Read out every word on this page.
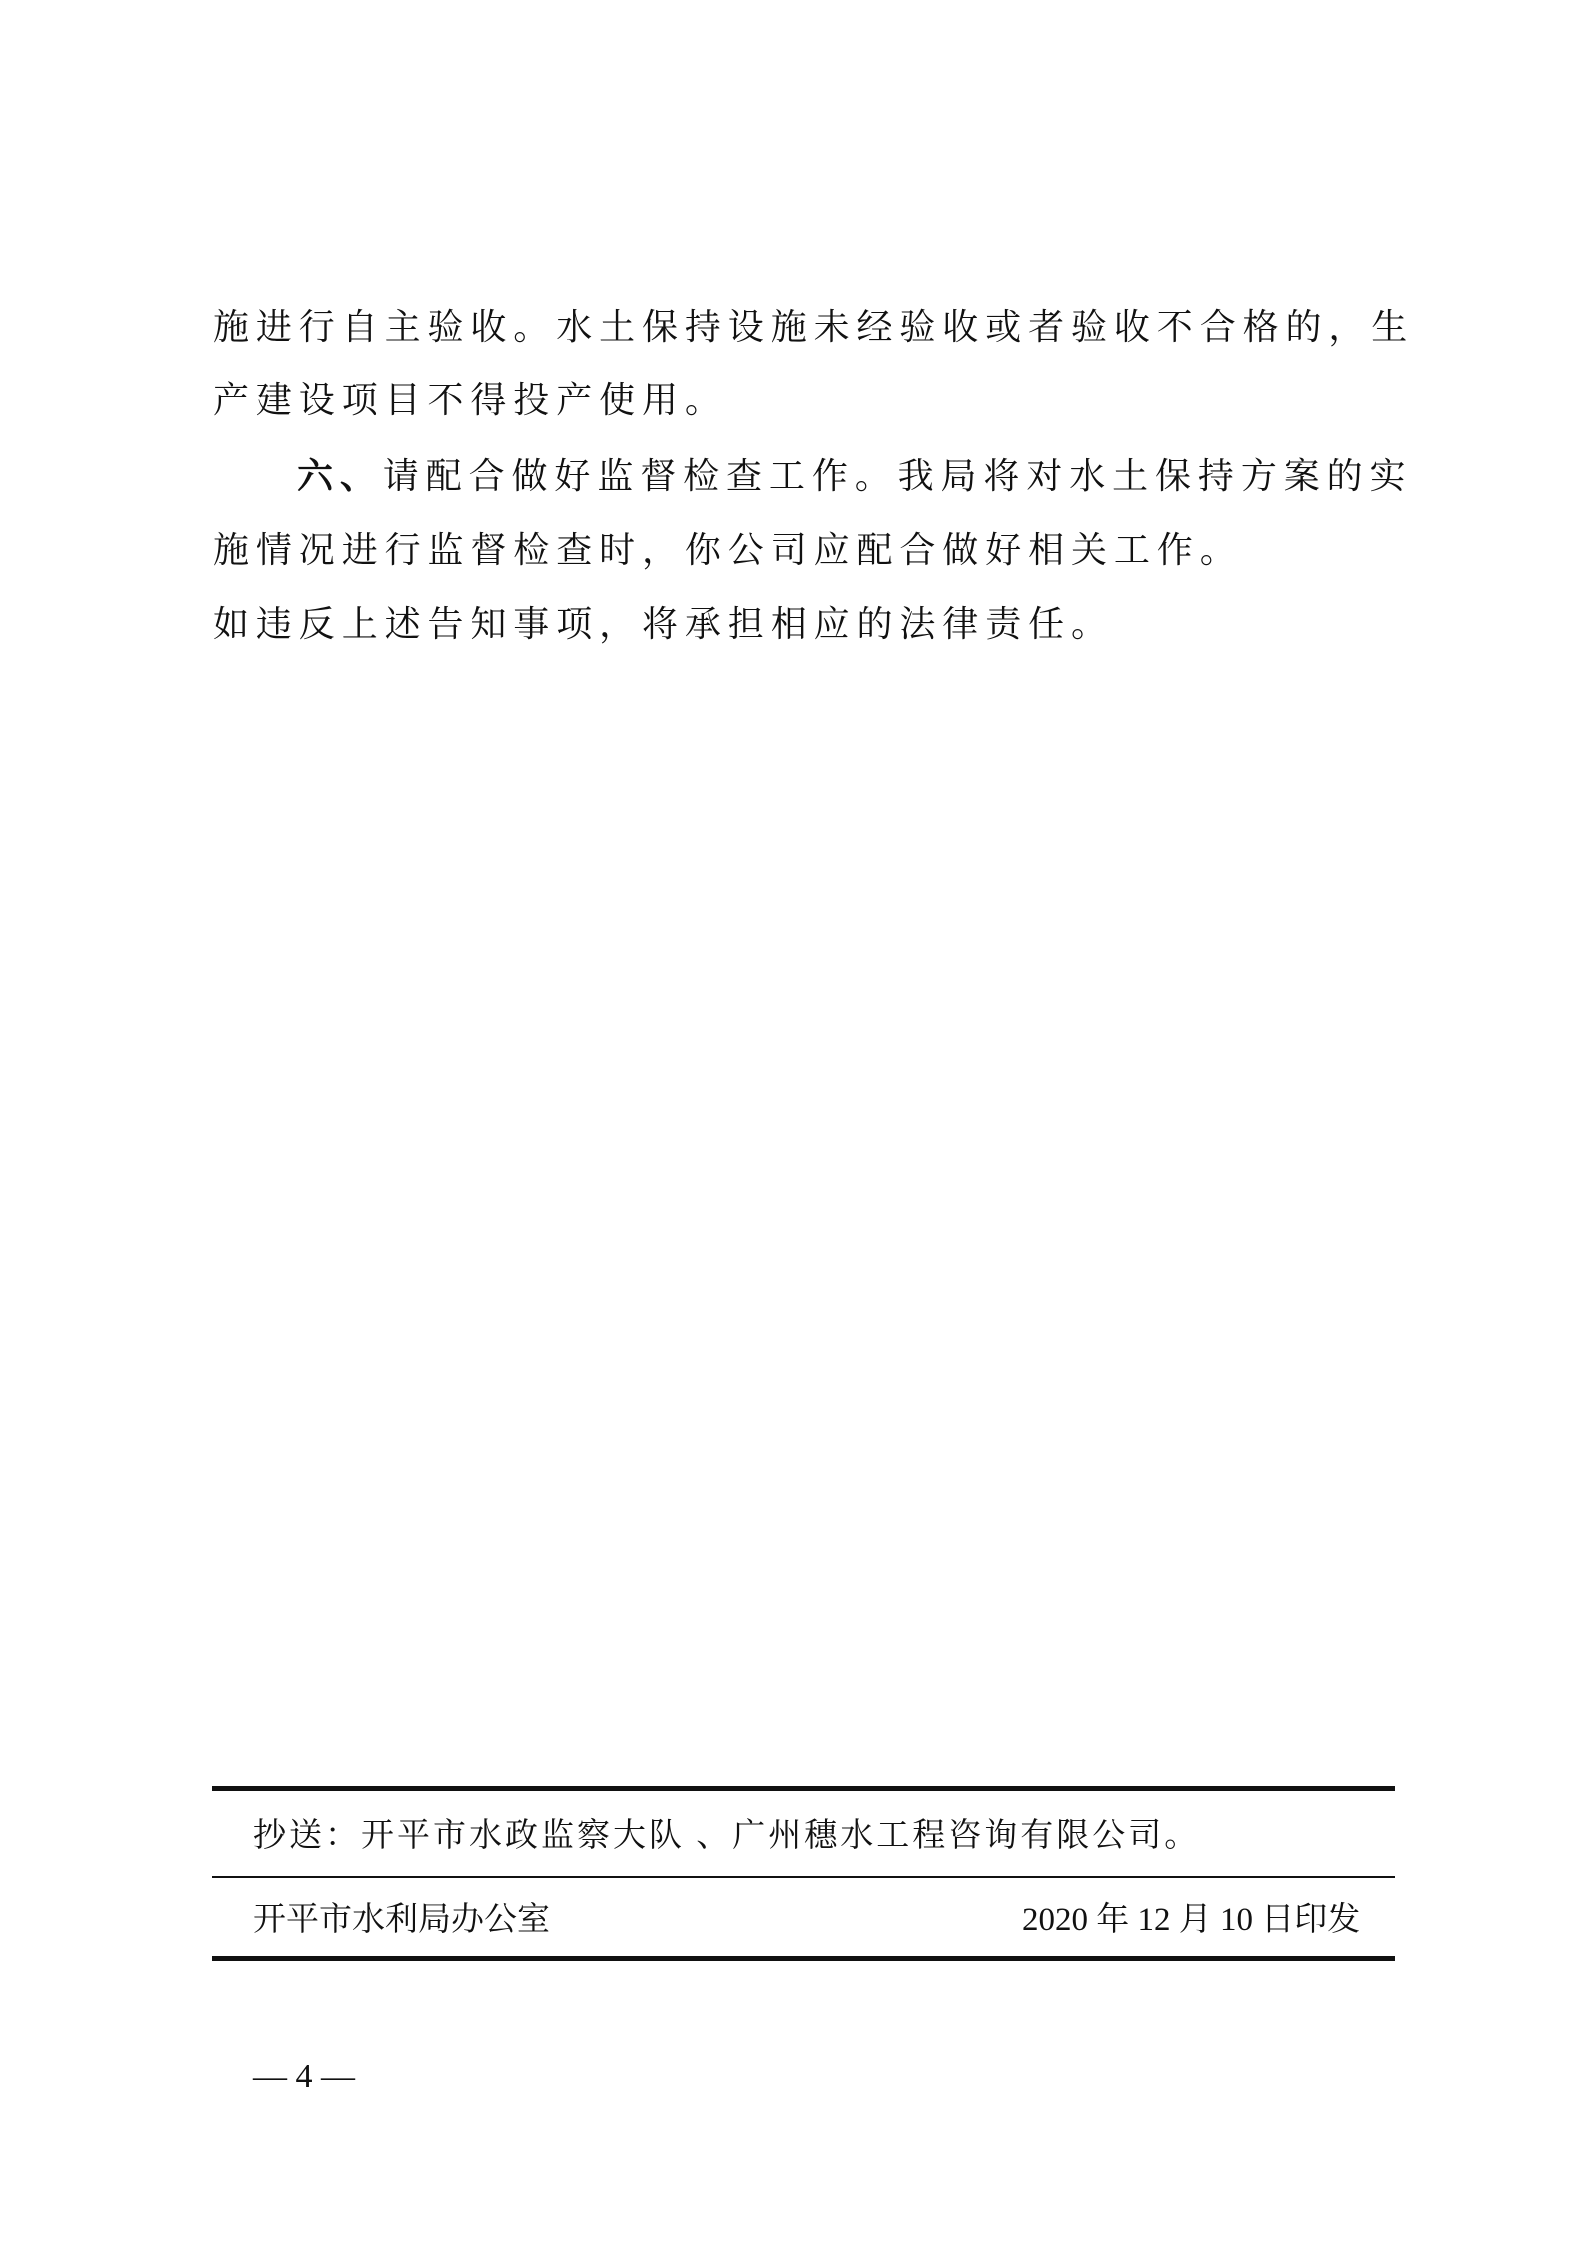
施进行自主验收。水土保持设施未经验收或者验收不合格的，生
产建设项目不得投产使用。
六、请配合做好监督检查工作。我局将对水土保持方案的实
施情况进行监督检查时，你公司应配合做好相关工作。
如违反上述告知事项，将承担相应的法律责任。
抄送：开平市水政监察大队 、广州穗水工程咨询有限公司。
开平市水利局办公室	2020 年 12 月 10 日印发
— 4 —
